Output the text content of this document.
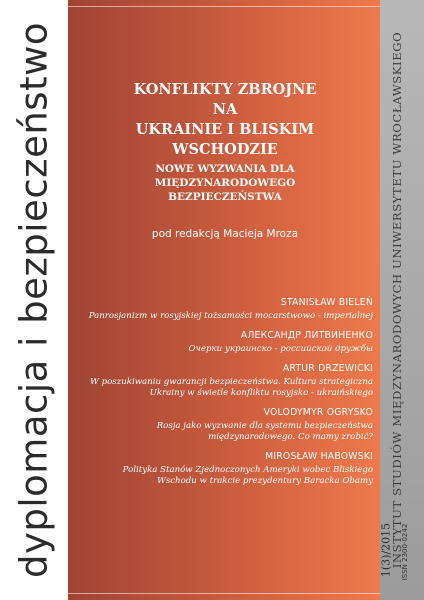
dyplomacja i bezpieczeństwo	INSTYTUT STUDIÓW MIĘDZYNARODOWYCH UNIWERSYTETU WROCŁAWSKIEGO
1(3)/2015 ISSN 2300-0242
KONFLIKTY ZBROJNE
NA
UKRAINIE I BLISKIM WSCHODZIE
NOWE WYZWANIA DLA MIĘDZYNARODOWEGO
BEZPIECZEŃSTWA
pod redakcją Macieja Mroza
STANISŁAW BIELEŃ
Panrosjanizm w rosyjskiej tożsamości mocarstwowo - imperialnej
АЛЕКСАНДР ЛИТВИНЕНКО
Очерки украинско - российской дружбы
ARTUR DRZEWICKI
W poszukiwaniu gwarancji bezpieczeństwa. Kultura strategiczna
Ukrainy w świetle konfliktu rosyjsko - ukraińskiego
VOLODYMYR OGRYSKO
Rosja jako wyzwanie dla systemu bezpieczeństwa
międzynarodowego. Co mamy zrobić?
MIROSŁAW HABOWSKI
Polityka Stanów Zjednoczonych Ameryki wobec Bliskiego
Wschodu w trakcie prezydentury Baracka Obamy
